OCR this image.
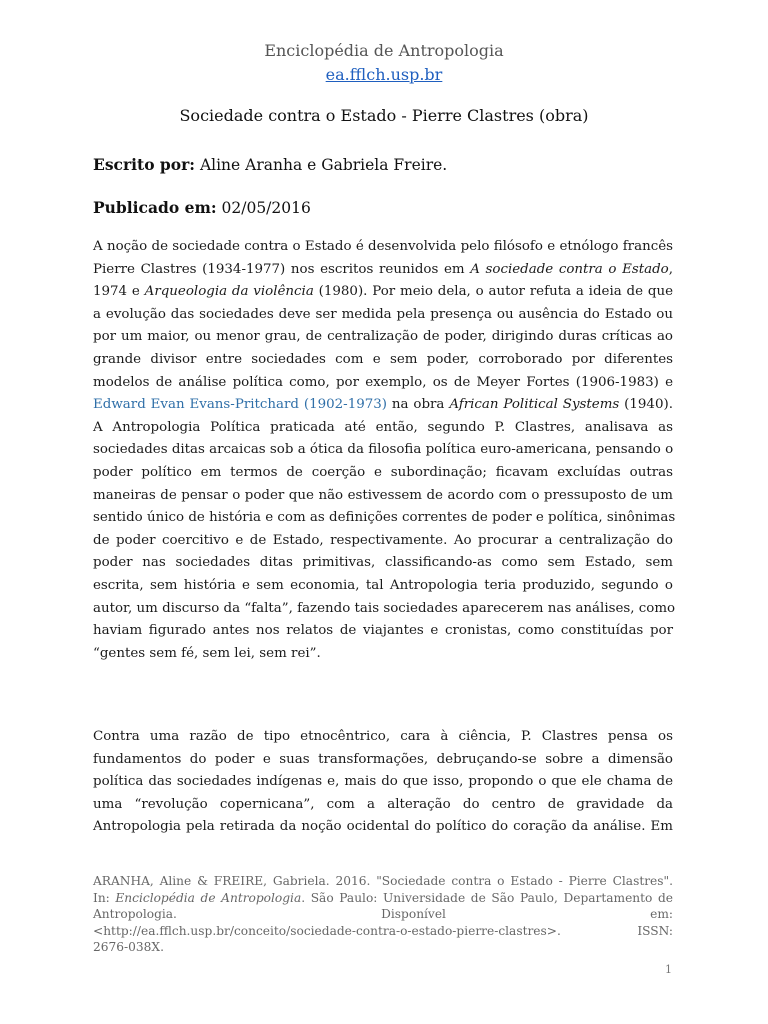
Enciclopédia de Antropologia
ea.fflch.usp.br
Sociedade contra o Estado - Pierre Clastres (obra)
Escrito por: Aline Aranha e Gabriela Freire.
Publicado em: 02/05/2016
A noção de sociedade contra o Estado é desenvolvida pelo filósofo e etnólogo francês
Pierre Clastres (1934-1977) nos escritos reunidos em A sociedade contra o Estado,
1974 e Arqueologia da violência (1980). Por meio dela, o autor refuta a ideia de que
a evolução das sociedades deve ser medida pela presença ou ausência do Estado ou
por um maior, ou menor grau, de centralização de poder, dirigindo duras críticas ao
grande divisor entre sociedades com e sem poder, corroborado por diferentes
modelos de análise política como, por exemplo, os de Meyer Fortes (1906-1983) e
Edward Evan Evans-Pritchard (1902-1973) na obra African Political Systems (1940).
A Antropologia Política praticada até então, segundo P. Clastres, analisava as
sociedades ditas arcaicas sob a ótica da filosofia política euro-americana, pensando o
poder político em termos de coerção e subordinação; ficavam excluídas outras
maneiras de pensar o poder que não estivessem de acordo com o pressuposto de um
sentido único de história e com as definições correntes de poder e política, sinônimas
de poder coercitivo e de Estado, respectivamente. Ao procurar a centralização do
poder nas sociedades ditas primitivas, classificando-as como sem Estado, sem
escrita, sem história e sem economia, tal Antropologia teria produzido, segundo o
autor, um discurso da “falta”, fazendo tais sociedades aparecerem nas análises, como
haviam figurado antes nos relatos de viajantes e cronistas, como constituídas por
“gentes sem fé, sem lei, sem rei”.
Contra uma razão de tipo etnocêntrico, cara à ciência, P. Clastres pensa os
fundamentos do poder e suas transformações, debruçando-se sobre a dimensão
política das sociedades indígenas e, mais do que isso, propondo o que ele chama de
uma “revolução copernicana”, com a alteração do centro de gravidade da
Antropologia pela retirada da noção ocidental do político do coração da análise. Em
ARANHA, Aline & FREIRE, Gabriela. 2016. "Sociedade contra o Estado - Pierre Clastres".
In: Enciclopédia de Antropologia. São Paulo: Universidade de São Paulo, Departamento de
Antropologia.	Disponível	em:
<http://ea.fflch.usp.br/conceito/sociedade-contra-o-estado-pierre-clastres>.	ISSN:
2676-038X.
1
